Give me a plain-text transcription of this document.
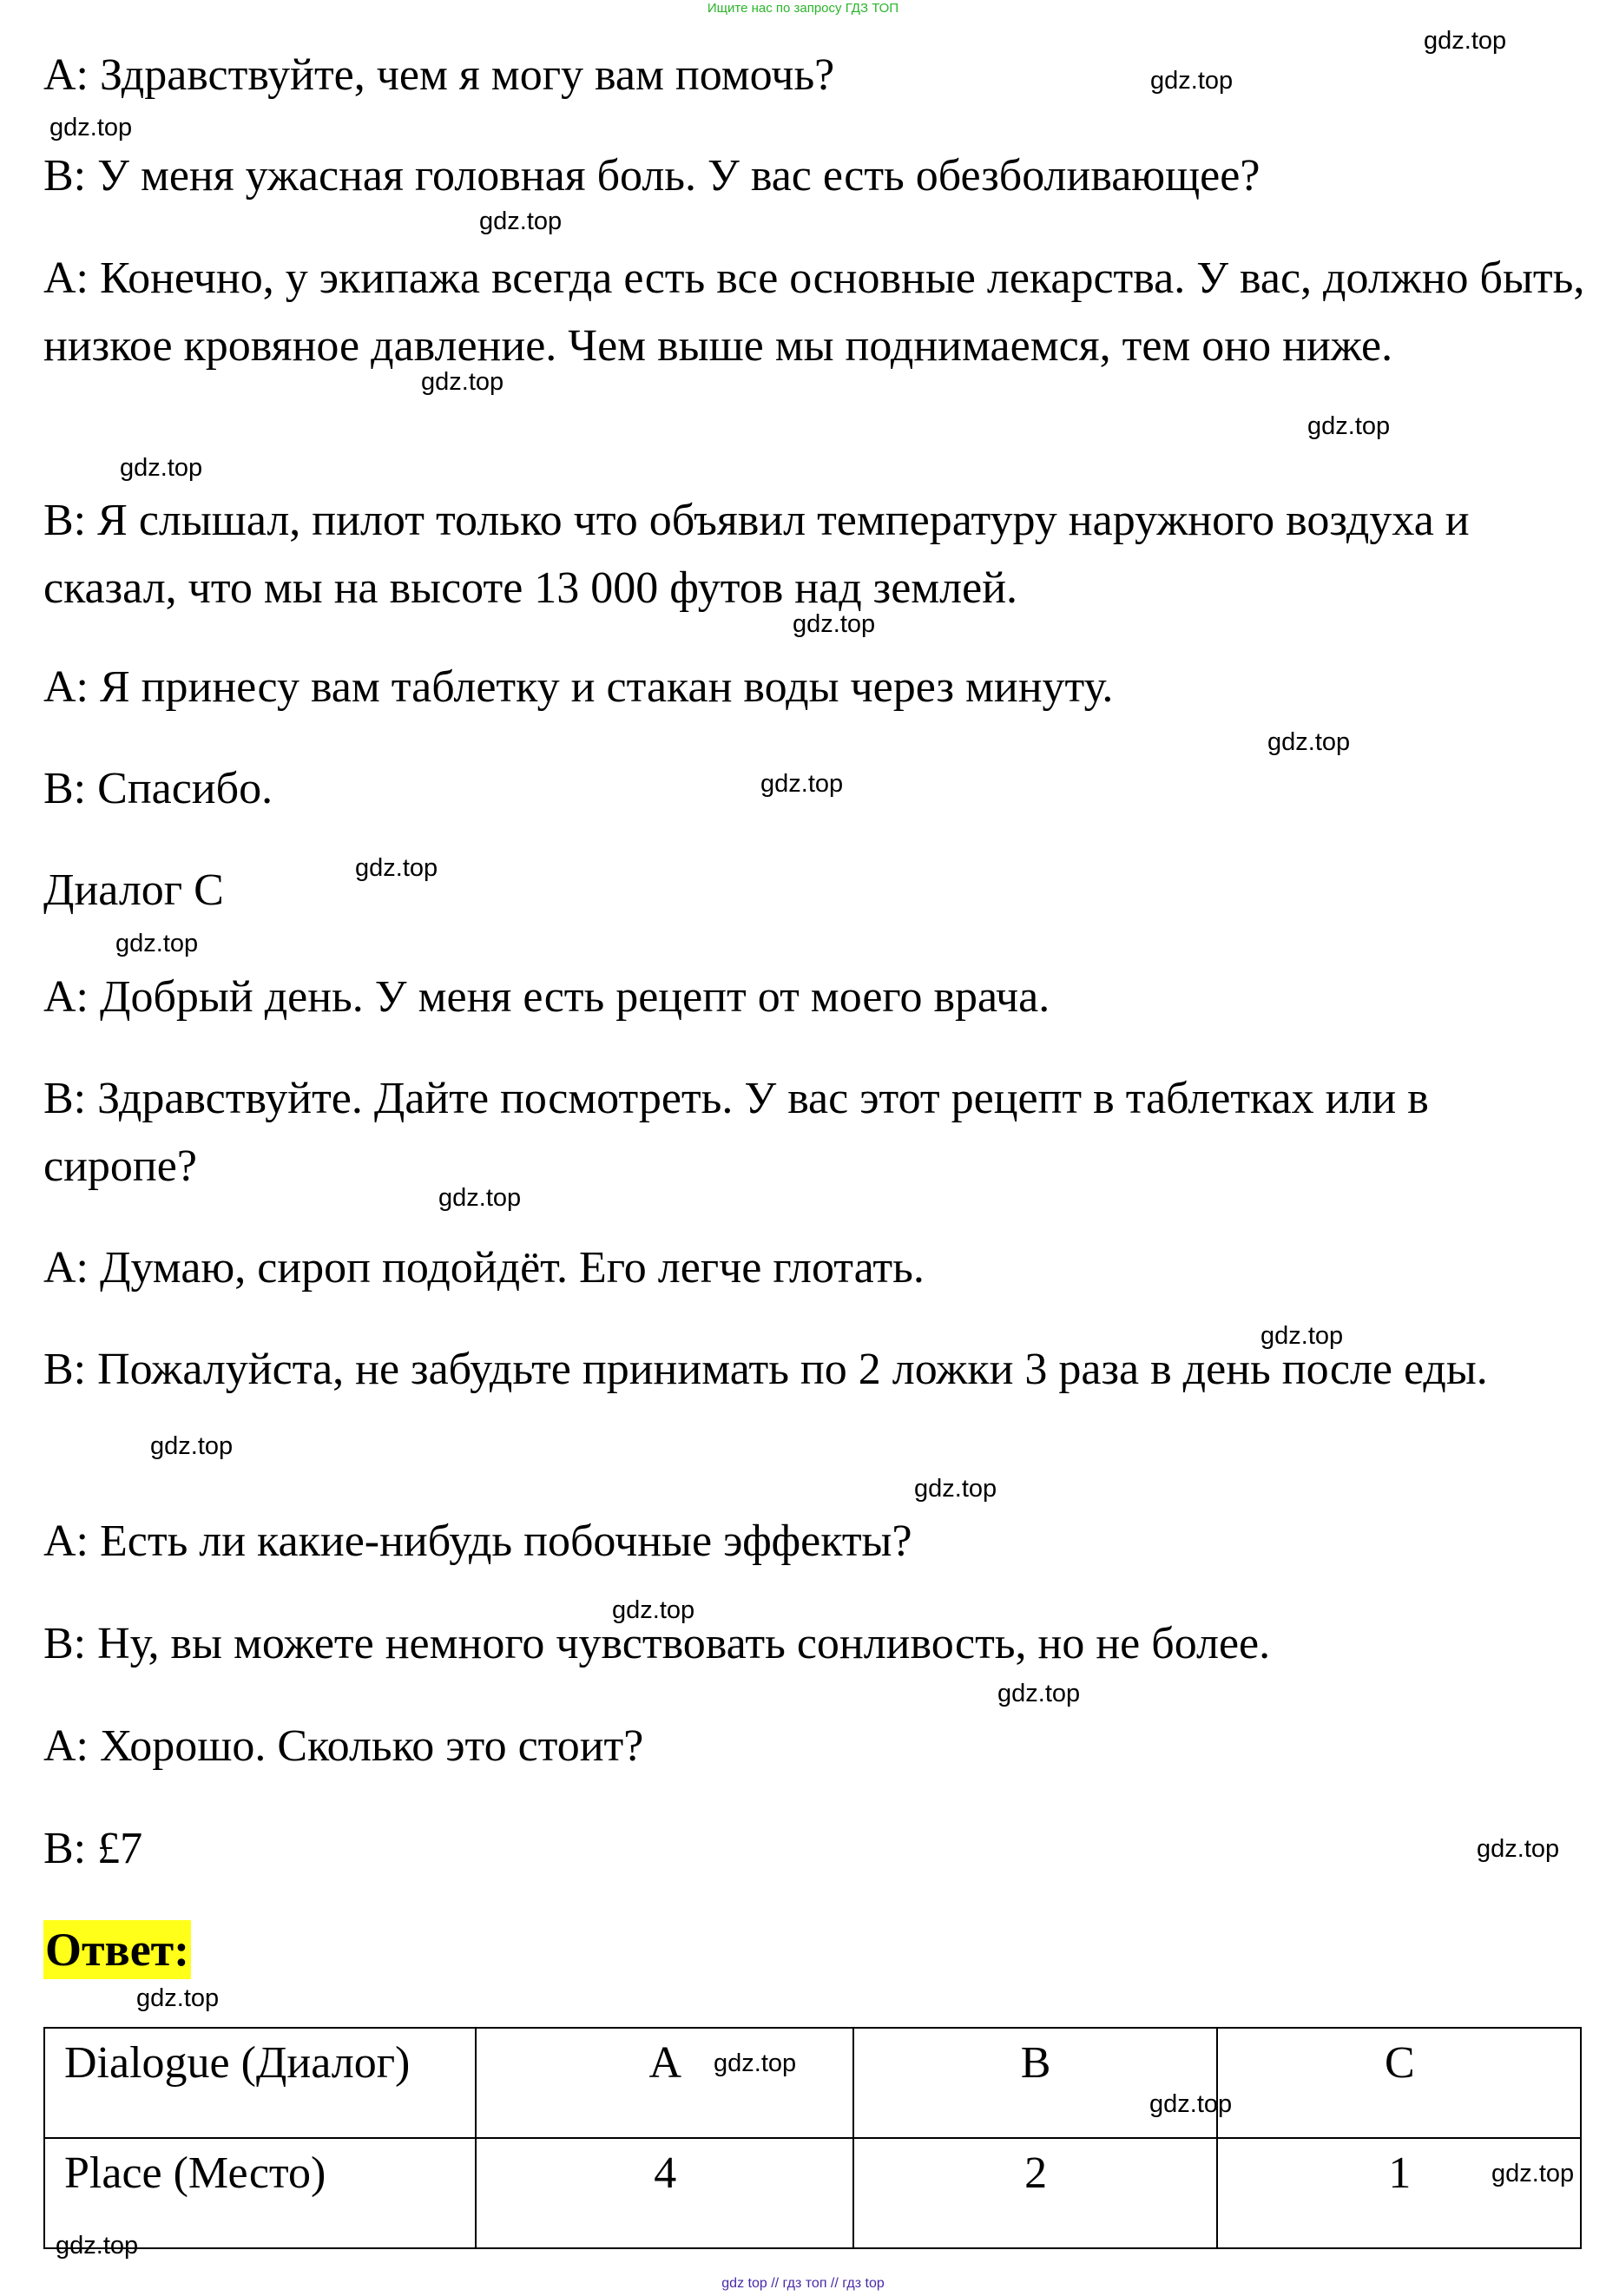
Ищите нас по запросу ГДЗ ТОП

A: Здравствуйте, чем я могу вам помочь?

B: У меня ужасная головная боль. У вас есть обезболивающее?

A: Конечно, у экипажа всегда есть все основные лекарства. У вас, должно быть, низкое кровяное давление. Чем выше мы поднимаемся, тем оно ниже.

B: Я слышал, пилот только что объявил температуру наружного воздуха и сказал, что мы на высоте 13 000 футов над землей.

A: Я принесу вам таблетку и стакан воды через минуту.

B: Спасибо.

Диалог С

A: Добрый день. У меня есть рецепт от моего врача.

B: Здравствуйте. Дайте посмотреть. У вас этот рецепт в таблетках или в сиропе?

A: Думаю, сироп подойдёт. Его легче глотать.

B: Пожалуйста, не забудьте принимать по 2 ложки 3 раза в день после еды.

A: Есть ли какие-нибудь побочные эффекты?

B: Ну, вы можете немного чувствовать сонливость, но не более.

A: Хорошо. Сколько это стоит?

B: £7

Ответ:
Dialogue (Диалог)	A	B	C
Place (Место)	4	2	1
gdz.top
gdz.top
gdz.top
gdz.top
gdz.top
gdz.top
gdz.top
gdz.top
gdz.top
gdz.top
gdz.top
gdz.top
gdz.top
gdz.top
gdz.top
gdz.top
gdz.top
gdz.top
gdz.top
gdz.top
gdz.top
gdz.top
gdz.top
gdz.top
gdz top // гдз топ // гдз top
